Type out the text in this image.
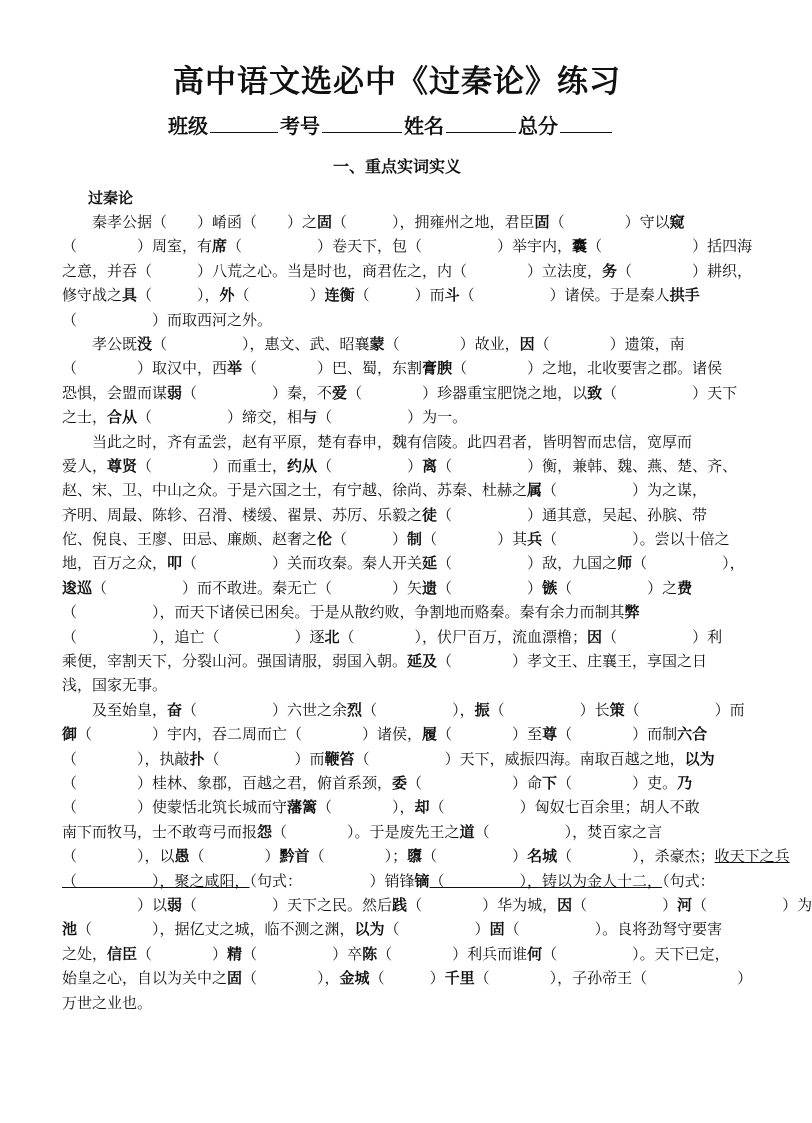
高中语文选必中《过秦论》练习
班级	考号	姓名	总分
一、重点实词实义
过秦论
　　秦孝公据（　　）崤函（　　）之固（　　　），拥雍州之地，君臣固（　　　　）守以窥
（　　　　）周室，有席（　　　　　）卷天下，包（　　　　　）举宇内，囊（　　　　　　）括四海
之意，并吞（　　　）八荒之心。当是时也，商君佐之，内（　　　　）立法度，务（　　　　）耕织，
修守战之具（　　　），外（　　　　）连衡（　　　）而斗（　　　　　）诸侯。于是秦人拱手
（　　　　　）而取西河之外。
　　孝公既没（　　　　　），惠文、武、昭襄蒙（　　　　）故业，因（　　　　）遗策，南
（　　　　）取汉中，西举（　　　　）巴、蜀，东割膏腴（　　　　）之地，北收要害之郡。诸侯
恐惧，会盟而谋弱（　　　　　）秦，不爱（　　　　）珍器重宝肥饶之地，以致（　　　　　）天下
之士，合从（　　　　　）缔交，相与（　　　　　）为一。
　　当此之时，齐有孟尝，赵有平原，楚有春申，魏有信陵。此四君者，皆明智而忠信，宽厚而
爱人，尊贤（　　　　）而重士，约从（　　　　　）离（　　　　　）衡，兼韩、魏、燕、楚、齐、
赵、宋、卫、中山之众。于是六国之士，有宁越、徐尚、苏秦、杜赫之属（　　　　　）为之谋，
齐明、周最、陈轸、召滑、楼缓、翟景、苏厉、乐毅之徒（　　　　　）通其意，吴起、孙膑、带
佗、倪良、王廖、田忌、廉颇、赵奢之伦（　　　）制（　　　　）其兵（　　　　　）。尝以十倍之
地，百万之众，叩（　　　　　）关而攻秦。秦人开关延（　　　　　）敌，九国之师（　　　　　），
逡巡（　　　　　）而不敢进。秦无亡（　　　　）矢遗（　　　　　）镞（　　　　　）之费
（　　　　　），而天下诸侯已困矣。于是从散约败，争割地而赂秦。秦有余力而制其弊
（　　　　　），追亡（　　　　　）逐北（　　　　），伏尸百万，流血漂橹；因（　　　　　）利
乘便，宰割天下，分裂山河。强国请服，弱国入朝。延及（　　　　）孝文王、庄襄王，享国之日
浅，国家无事。
　　及至始皇，奋（　　　　　）六世之余烈（　　　　　），振（　　　　　）长策（　　　　　）而
御（　　　　）宇内，吞二周而亡（　　　　）诸侯，履（　　　　）至尊（　　　　）而制六合
（　　　　），执敲扑（　　　　　）而鞭笞（　　　　　）天下，威振四海。南取百越之地，以为
（　　　　）桂林、象郡，百越之君，俯首系颈，委（　　　　　　）命下（　　　　）吏。乃
（　　　　）使蒙恬北筑长城而守藩篱（　　　　），却（　　　　　）匈奴七百余里；胡人不敢
南下而牧马，士不敢弯弓而报怨（　　　　）。于是废先王之道（　　　　　），焚百家之言
（　　　　），以愚（　　　　）黔首（　　　　）；隳（　　　　　）名城（　　　　），杀豪杰；收天下之兵
（　　　　　），聚之咸阳，（句式：　　　　　）销锋镝（　　　　　），铸以为金人十二，（句式：
　　　　　）以弱（　　　　　）天下之民。然后践（　　　　）华为城，因（　　　　　）河（　　　　　）为
池（　　　　），据亿丈之城，临不测之渊，以为（　　　　　）固（　　　　　）。良将劲弩守要害
之处，信臣（　　　　）精（　　　　　）卒陈（　　　　）利兵而谁何（　　　　　）。天下已定，
始皇之心，自以为关中之固（　　　　），金城（　　　）千里（　　　　），子孙帝王（　　　　　　）
万世之业也。
